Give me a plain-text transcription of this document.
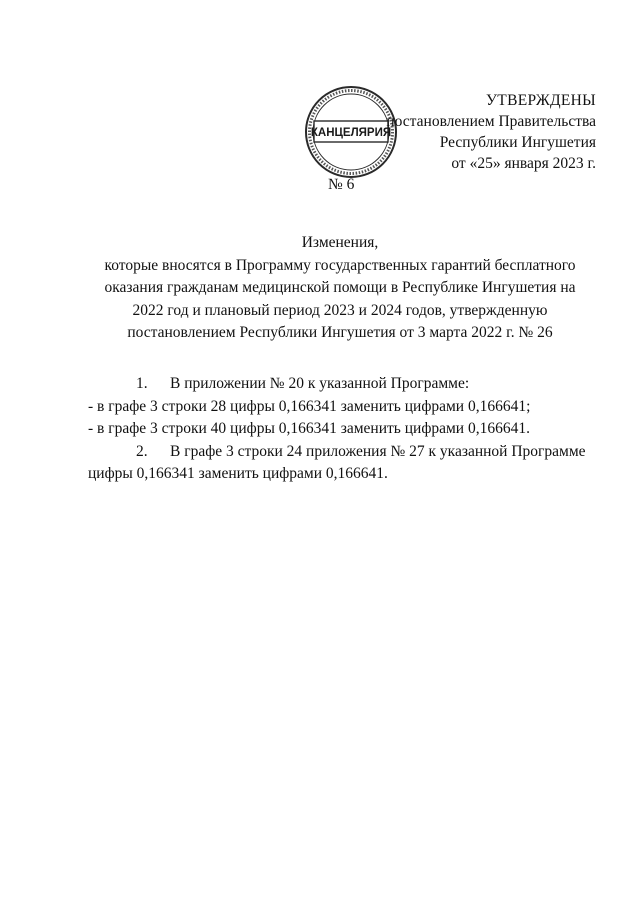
КАНЦЕЛЯРИЯ
УТВЕРЖДЕНЫ
постановлением Правительства
Республики Ингушетия
от «25» января 2023 г.
№ 6
Изменения,
которые вносятся в Программу государственных гарантий бесплатного
оказания гражданам медицинской помощи в Республике Ингушетия на
2022 год и плановый период 2023 и 2024 годов, утвержденную
постановлением Республики Ингушетия от 3 марта 2022 г. № 26
1. В приложении № 20 к указанной Программе:
- в графе 3 строки 28 цифры 0,166341 заменить цифрами 0,166641;
- в графе 3 строки 40 цифры 0,166341 заменить цифрами 0,166641.
2. В графе 3 строки 24 приложения № 27 к указанной Программе
цифры 0,166341 заменить цифрами 0,166641.
